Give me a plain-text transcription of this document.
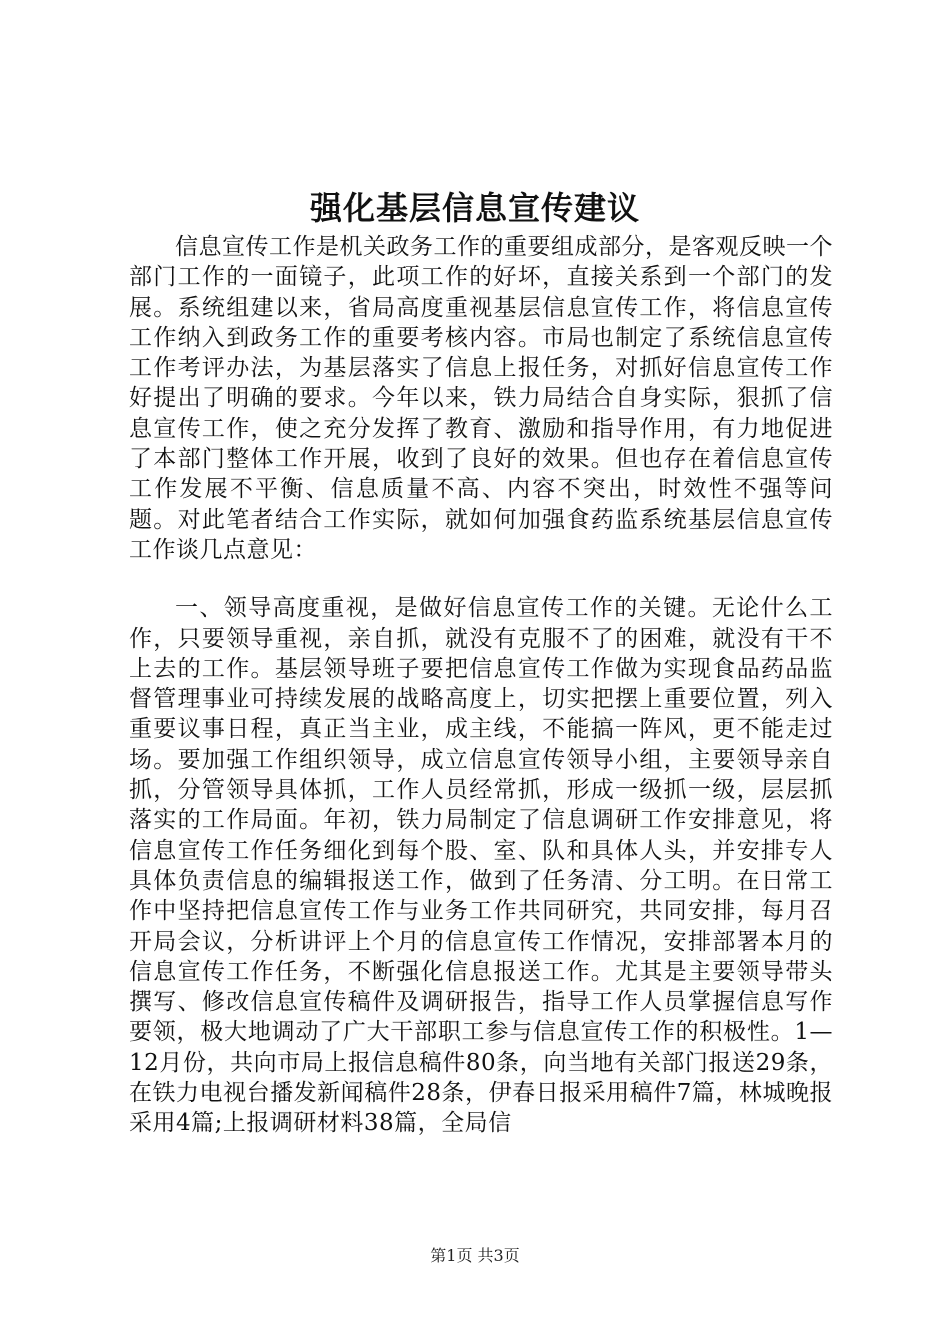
强化基层信息宣传建议

信息宣传工作是机关政务工作的重要组成部分，是客观反映一个部门工作的一面镜子，此项工作的好坏，直接关系到一个部门的发展。系统组建以来，省局高度重视基层信息宣传工作，将信息宣传工作纳入到政务工作的重要考核内容。市局也制定了系统信息宣传工作考评办法，为基层落实了信息上报任务，对抓好信息宣传工作好提出了明确的要求。今年以来，铁力局结合自身实际，狠抓了信息宣传工作，使之充分发挥了教育、激励和指导作用，有力地促进了本部门整体工作开展，收到了良好的效果。但也存在着信息宣传工作发展不平衡、信息质量不高、内容不突出，时效性不强等问题。对此笔者结合工作实际，就如何加强食药监系统基层信息宣传工作谈几点意见：

一、领导高度重视，是做好信息宣传工作的关键。无论什么工作，只要领导重视，亲自抓，就没有克服不了的困难，就没有干不上去的工作。基层领导班子要把信息宣传工作做为实现食品药品监督管理事业可持续发展的战略高度上，切实把摆上重要位置，列入重要议事日程，真正当主业，成主线，不能搞一阵风，更不能走过场。要加强工作组织领导，成立信息宣传领导小组，主要领导亲自抓，分管领导具体抓，工作人员经常抓，形成一级抓一级，层层抓落实的工作局面。年初，铁力局制定了信息调研工作安排意见，将信息宣传工作任务细化到每个股、室、队和具体人头，并安排专人具体负责信息的编辑报送工作，做到了任务清、分工明。在日常工作中坚持把信息宣传工作与业务工作共同研究，共同安排，每月召开局会议，分析讲评上个月的信息宣传工作情况，安排部署本月的信息宣传工作任务，不断强化信息报送工作。尤其是主要领导带头撰写、修改信息宣传稿件及调研报告，指导工作人员掌握信息写作要领，极大地调动了广大干部职工参与信息宣传工作的积极性。1—12月份，共向市局上报信息稿件80条，向当地有关部门报送29条，在铁力电视台播发新闻稿件28条，伊春日报采用稿件7篇，林城晚报采用4篇;上报调研材料38篇，全局信

第1页 共3页
